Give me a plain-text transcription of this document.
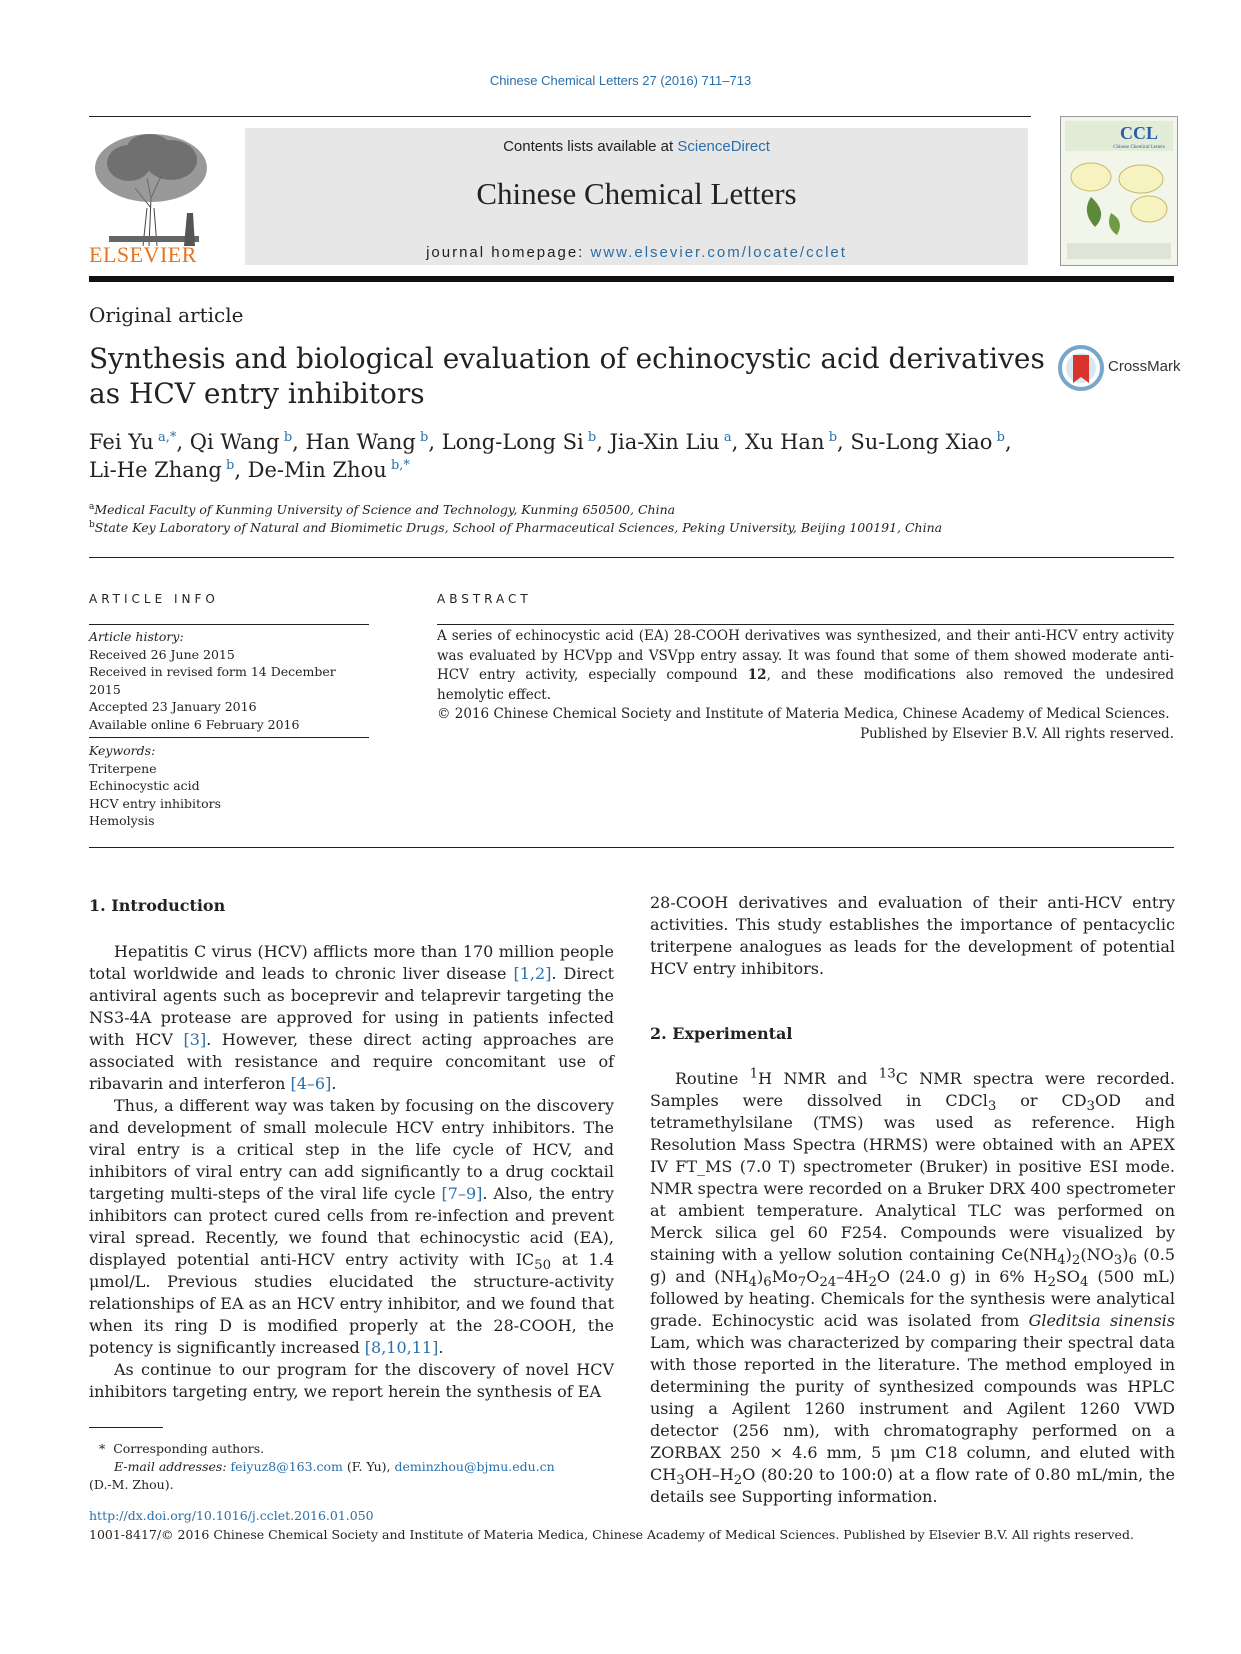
Chinese Chemical Letters 27 (2016) 711–713
ELSEVIER
Contents lists available at ScienceDirect
Chinese Chemical Letters
journal homepage: www.elsevier.com/locate/cclet
CCL
Chinese Chemical Letters
Original article
Synthesis and biological evaluation of echinocystic acid derivatives as HCV entry inhibitors
CrossMark
Fei Yu  $^{a,*}$, Qi Wang  $^b$, Han Wang  $^b$, Long-Long Si  $^b$, Jia-Xin Liu  $^a$, Xu Han  $^b$, Su-Long Xiao  $^b$,
Li-He Zhang  $^b$, De-Min Zhou  $^{b,*}$
$^a$Medical Faculty of Kunming University of Science and Technology, Kunming 650500, China
$^b$State Key Laboratory of Natural and Biomimetic Drugs, School of Pharmaceutical Sciences, Peking University, Beijing 100191, China
ARTICLE INFO
Article history:
Received 26 June 2015
Received in revised form 14 December 2015
Accepted 23 January 2016
Available online 6 February 2016
Keywords:
Triterpene
Echinocystic acid
HCV entry inhibitors
Hemolysis
ABSTRACT
A series of echinocystic acid (EA) 28-COOH derivatives was synthesized, and their anti-HCV entry activity was evaluated by HCVpp and VSVpp entry assay. It was found that some of them showed moderate anti-HCV entry activity, especially compound 12, and these modifications also removed the undesired hemolytic effect.
© 2016 Chinese Chemical Society and Institute of Materia Medica, Chinese Academy of Medical Sciences.
Published by Elsevier B.V. All rights reserved.
1. Introduction

Hepatitis C virus (HCV) afflicts more than 170 million people total worldwide and leads to chronic liver disease [1,2]. Direct antiviral agents such as boceprevir and telaprevir targeting the NS3-4A protease are approved for using in patients infected with HCV [3]. However, these direct acting approaches are associated with resistance and require concomitant use of ribavarin and interferon [4–6].

Thus, a different way was taken by focusing on the discovery and development of small molecule HCV entry inhibitors. The viral entry is a critical step in the life cycle of HCV, and inhibitors of viral entry can add significantly to a drug cocktail targeting multi-steps of the viral life cycle [7–9]. Also, the entry inhibitors can protect cured cells from re-infection and prevent viral spread. Recently, we found that echinocystic acid (EA), displayed potential anti-HCV entry activity with $IC_{50}$ at 1.4 μmol/L. Previous studies elucidated the structure-activity relationships of EA as an HCV entry inhibitor, and we found that when its ring D is modified properly at the 28-COOH, the potency is significantly increased [8,10,11].

As continue to our program for the discovery of novel HCV inhibitors targeting entry, we report herein the synthesis of EA

* Corresponding authors.
E-mail addresses: feiyuz8@163.com (F. Yu), deminzhou@bjmu.edu.cn
(D.-M. Zhou).

28-COOH derivatives and evaluation of their anti-HCV entry activities. This study establishes the importance of pentacyclic triterpene analogues as leads for the development of potential HCV entry inhibitors.

2. Experimental

Routine $^1$H NMR and $^{13}$C NMR spectra were recorded. Samples were dissolved in CDCl$_3$ or $CD_3OD$ and tetramethylsilane (TMS) was used as reference. High Resolution Mass Spectra (HRMS) were obtained with an APEX IV FT_MS (7.0 T) spectrometer (Bruker) in positive ESI mode. NMR spectra were recorded on a Bruker DRX 400 spectrometer at ambient temperature. Analytical TLC was performed on Merck silica gel 60 F254. Compounds were visualized by staining with a yellow solution containing $Ce(NH_4)_2(NO_3)_6$ (0.5 g) and $(NH_4)_6Mo_7O_{24}-4H_2O$ (24.0 g) in 6% $H_2SO_4$ (500 mL) followed by heating. Chemicals for the synthesis were analytical grade. Echinocystic acid was isolated from Gleditsia sinensis Lam, which was characterized by comparing their spectral data with those reported in the literature. The method employed in determining the purity of synthesized compounds was HPLC using a Agilent 1260 instrument and Agilent 1260 VWD detector (256 nm), with chromatography performed on a ZORBAX 250 × 4.6 mm, 5 μm C18 column, and eluted with $CH_3OH-H_2O$ (80:20 to 100:0) at a flow rate of 0.80 mL/min, the details see Supporting information.

http://dx.doi.org/10.1016/j.cclet.2016.01.050
1001-8417/© 2016 Chinese Chemical Society and Institute of Materia Medica, Chinese Academy of Medical Sciences. Published by Elsevier B.V. All rights reserved.
